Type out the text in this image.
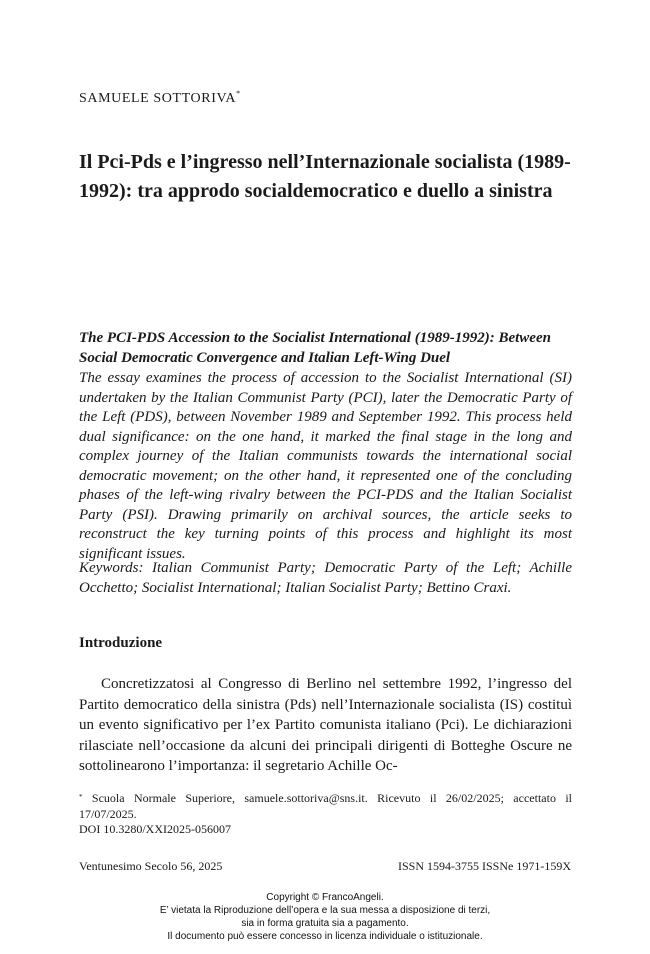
SAMUELE SOTTORIVA*
Il Pci-Pds e l’ingresso nell’Internazionale socialista (1989-1992): tra approdo socialdemocratico e duello a sinistra
The PCI-PDS Accession to the Socialist International (1989-1992): Between Social Democratic Convergence and Italian Left-Wing Duel
The essay examines the process of accession to the Socialist International (SI) undertaken by the Italian Communist Party (PCI), later the Democratic Party of the Left (PDS), between November 1989 and September 1992. This process held dual significance: on the one hand, it marked the final stage in the long and complex journey of the Italian communists towards the international social democratic movement; on the other hand, it represented one of the concluding phases of the left-wing rivalry between the PCI-PDS and the Italian Socialist Party (PSI). Drawing primarily on archival sources, the article seeks to reconstruct the key turning points of this process and highlight its most significant issues.
Keywords: Italian Communist Party; Democratic Party of the Left; Achille Occhetto; Socialist International; Italian Socialist Party; Bettino Craxi.
Introduzione
Concretizzatosi al Congresso di Berlino nel settembre 1992, l’ingresso del Partito democratico della sinistra (Pds) nell’Internazionale socialista (IS) costituì un evento significativo per l’ex Partito comunista italiano (Pci). Le dichiarazioni rilasciate nell’occasione da alcuni dei principali dirigenti di Botteghe Oscure ne sottolinearono l’importanza: il segretario Achille Oc-
* Scuola Normale Superiore, samuele.sottoriva@sns.it. Ricevuto il 26/02/2025; accettato il 17/07/2025.
DOI 10.3280/XXI2025-056007
Ventunesimo Secolo 56, 2025	ISSN 1594-3755 ISSNe 1971-159X
Copyright © FrancoAngeli.
E’ vietata la Riproduzione dell’opera e la sua messa a disposizione di terzi,
sia in forma gratuita sia a pagamento.
Il documento può essere concesso in licenza individuale o istituzionale.
